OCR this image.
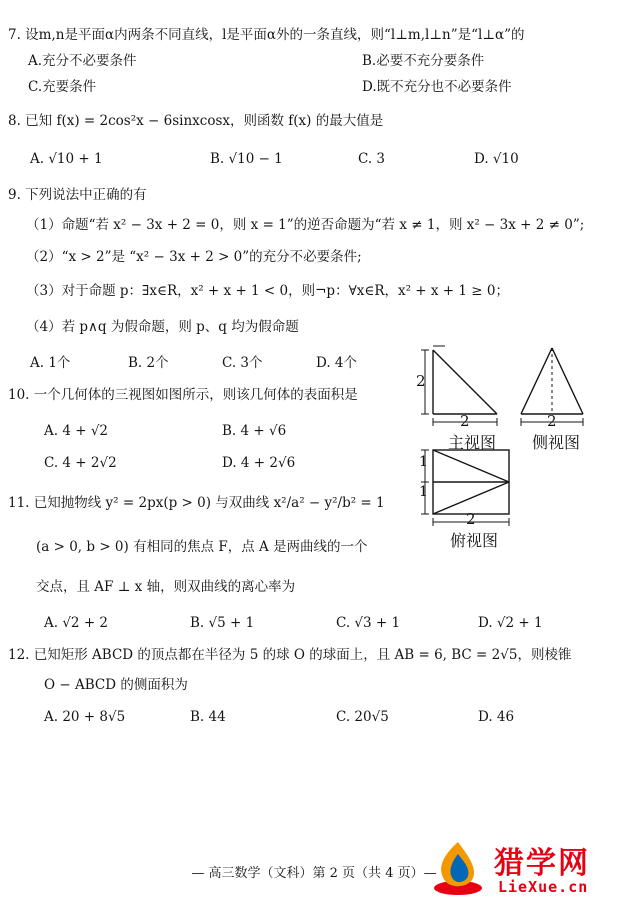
7. 设m,n是平面α内两条不同直线，l是平面α外的一条直线，则“l⊥m,l⊥n”是“l⊥α”的
A.充分不必要条件	B.必要不充分要条件
C.充要条件	D.既不充分也不必要条件
8. 已知 f(x) = 2cos²x − 6sinxcosx，则函数 f(x) 的最大值是
A. √10 + 1	B. √10 − 1	C. 3	D. √10
9. 下列说法中正确的有
（1）命题“若 x² − 3x + 2 = 0，则 x = 1”的逆否命题为“若 x ≠ 1，则 x² − 3x + 2 ≠ 0”;
（2）“x > 2”是 “x² − 3x + 2 > 0”的充分不必要条件;
（3）对于命题 p：∃x∈R，x² + x + 1 < 0，则¬p：∀x∈R，x² + x + 1 ≥ 0；
（4）若 p∧q 为假命题，则 p、q 均为假命题
A. 1个	B. 2个	C. 3个	D. 4个
10. 一个几何体的三视图如图所示，则该几何体的表面积是
A. 4 + √2	B. 4 + √6
C. 4 + 2√2	D. 4 + 2√6
11. 已知抛物线 y² = 2px(p > 0) 与双曲线 x²/a² − y²/b² = 1
(a > 0, b > 0) 有相同的焦点 F，点 A 是两曲线的一个
交点，且 AF ⊥ x 轴，则双曲线的离心率为
A. √2 + 2	B. √5 + 1	C. √3 + 1	D. √2 + 1
12. 已知矩形 ABCD 的顶点都在半径为 5 的球 O 的球面上，且 AB = 6, BC = 2√5，则棱锥
O − ABCD 的侧面积为
A. 20 + 8√5	B. 44	C. 20√5	D. 46
2
2	2
主视图 侧视图
1
1
2
俯视图
— 高三数学（文科）第 2 页（共 4 页）—	猎学网
LieXue.cn
